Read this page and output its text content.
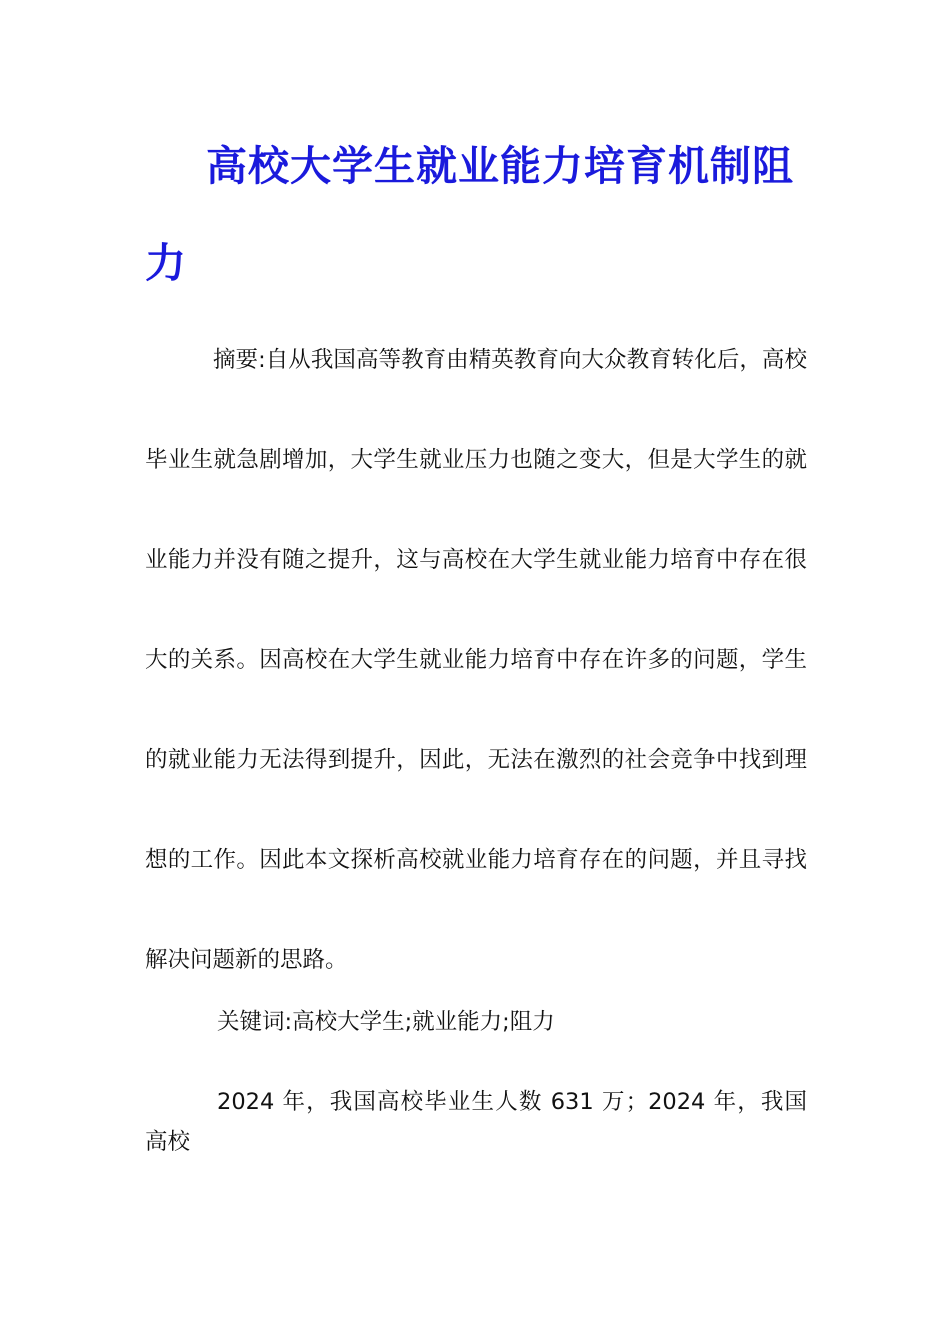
高校大学生就业能力培育机制阻力

摘要:自从我国高等教育由精英教育向大众教育转化后，高校毕业生就急剧增加，大学生就业压力也随之变大，但是大学生的就业能力并没有随之提升，这与高校在大学生就业能力培育中存在很大的关系。因高校在大学生就业能力培育中存在许多的问题，学生的就业能力无法得到提升，因此，无法在激烈的社会竞争中找到理想的工作。因此本文探析高校就业能力培育存在的问题，并且寻找解决问题新的思路。

关键词:高校大学生;就业能力;阻力

2024 年，我国高校毕业生人数 631 万；2024 年，我国高校
